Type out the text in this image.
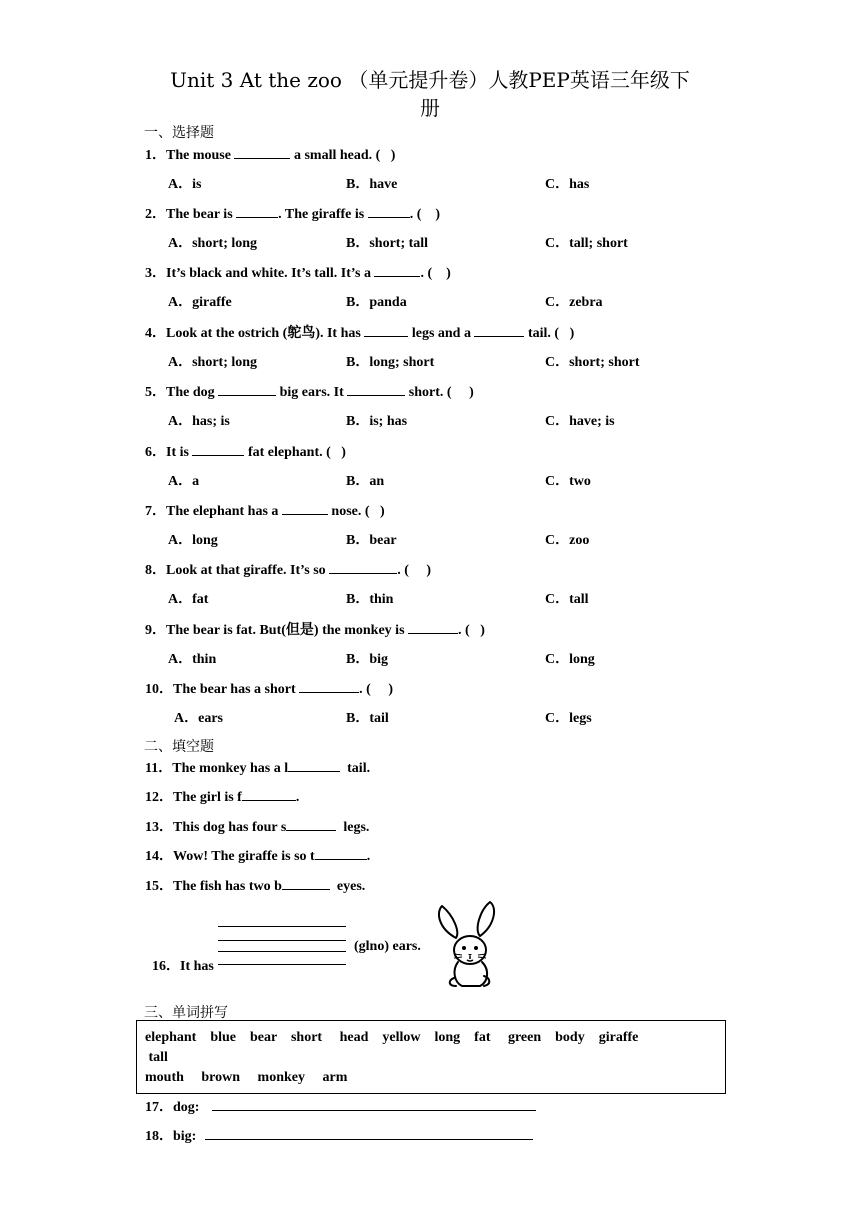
Unit 3 At the zoo （单元提升卷）人教PEP英语三年级下
册
一、选择题
1．The mouse	a small head. (   )
A．is	B．have	C．has
2．The bear is	. The giraffe is	. (    )
A．short; long	B．short; tall	C．tall; short
3．It’s black and white. It’s tall. It’s a	. (    )
A．giraffe	B．panda	C．zebra
4．Look at the ostrich (鸵鸟). It has	legs and a	tail. (   )
A．short; long	B．long; short	C．short; short
5．The dog	big ears. It	short. (     )
A．has; is	B．is; has	C．have; is
6．It is	fat elephant. (   )
A．a	B．an	C．two
7．The elephant has a	nose. (   )
A．long	B．bear	C．zoo
8．Look at that giraffe. It’s so	. (     )
A．fat	B．thin	C．tall
9．The bear is fat. But(但是) the monkey is	. (   )
A．thin	B．big	C．long
10．The bear has a short	. (     )
A．ears	B．tail	C．legs
二、填空题
11．The monkey has a l	tail.
12．The girl is f	.
13．This dog has four s	legs.
14．Wow! The giraffe is so t	.
15．The fish has two b	eyes.

16．It has

(glno) ears.
三、单词拼写
elephant    blue    bear    short     head    yellow    long    fat     green    body    giraffe
tall
mouth     brown     monkey     arm
17．dog:
18．big:
